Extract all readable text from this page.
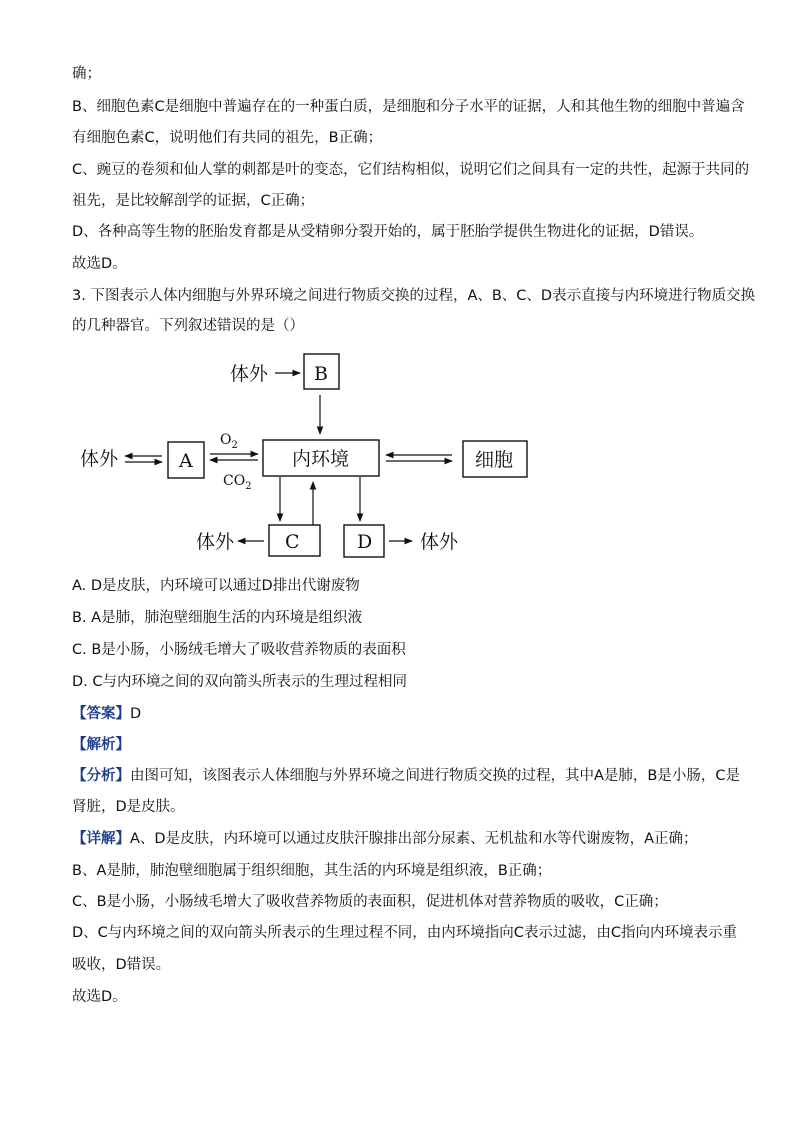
确；
B、细胞色素C是细胞中普遍存在的一种蛋白质，是细胞和分子水平的证据，人和其他生物的细胞中普遍含
有细胞色素C，说明他们有共同的祖先，B正确；
C、豌豆的卷须和仙人掌的刺都是叶的变态，它们结构相似，说明它们之间具有一定的共性，起源于共同的
祖先，是比较解剖学的证据，C正确；
D、各种高等生物的胚胎发育都是从受精卵分裂开始的，属于胚胎学提供生物进化的证据，D错误。
故选D。
3. 下图表示人体内细胞与外界环境之间进行物质交换的过程，A、B、C、D表示直接与内环境进行物质交换
的几种器官。下列叙述错误的是（）
体外 B
体外	A
$O_2$
$CO_2$
内环境	细胞
体外	C	D	体外
A. D是皮肤，内环境可以通过D排出代谢废物
B. A是肺，肺泡壁细胞生活的内环境是组织液
C. B是小肠，小肠绒毛增大了吸收营养物质的表面积
D. C与内环境之间的双向箭头所表示的生理过程相同
【答案】D
【解析】
【分析】由图可知，该图表示人体细胞与外界环境之间进行物质交换的过程，其中A是肺，B是小肠，C是
肾脏，D是皮肤。
【详解】A、D是皮肤，内环境可以通过皮肤汗腺排出部分尿素、无机盐和水等代谢废物，A正确；
B、A是肺，肺泡壁细胞属于组织细胞，其生活的内环境是组织液，B正确；
C、B是小肠，小肠绒毛增大了吸收营养物质的表面积，促进机体对营养物质的吸收，C正确；
D、C与内环境之间的双向箭头所表示的生理过程不同，由内环境指向C表示过滤，由C指向内环境表示重
吸收，D错误。
故选D。
